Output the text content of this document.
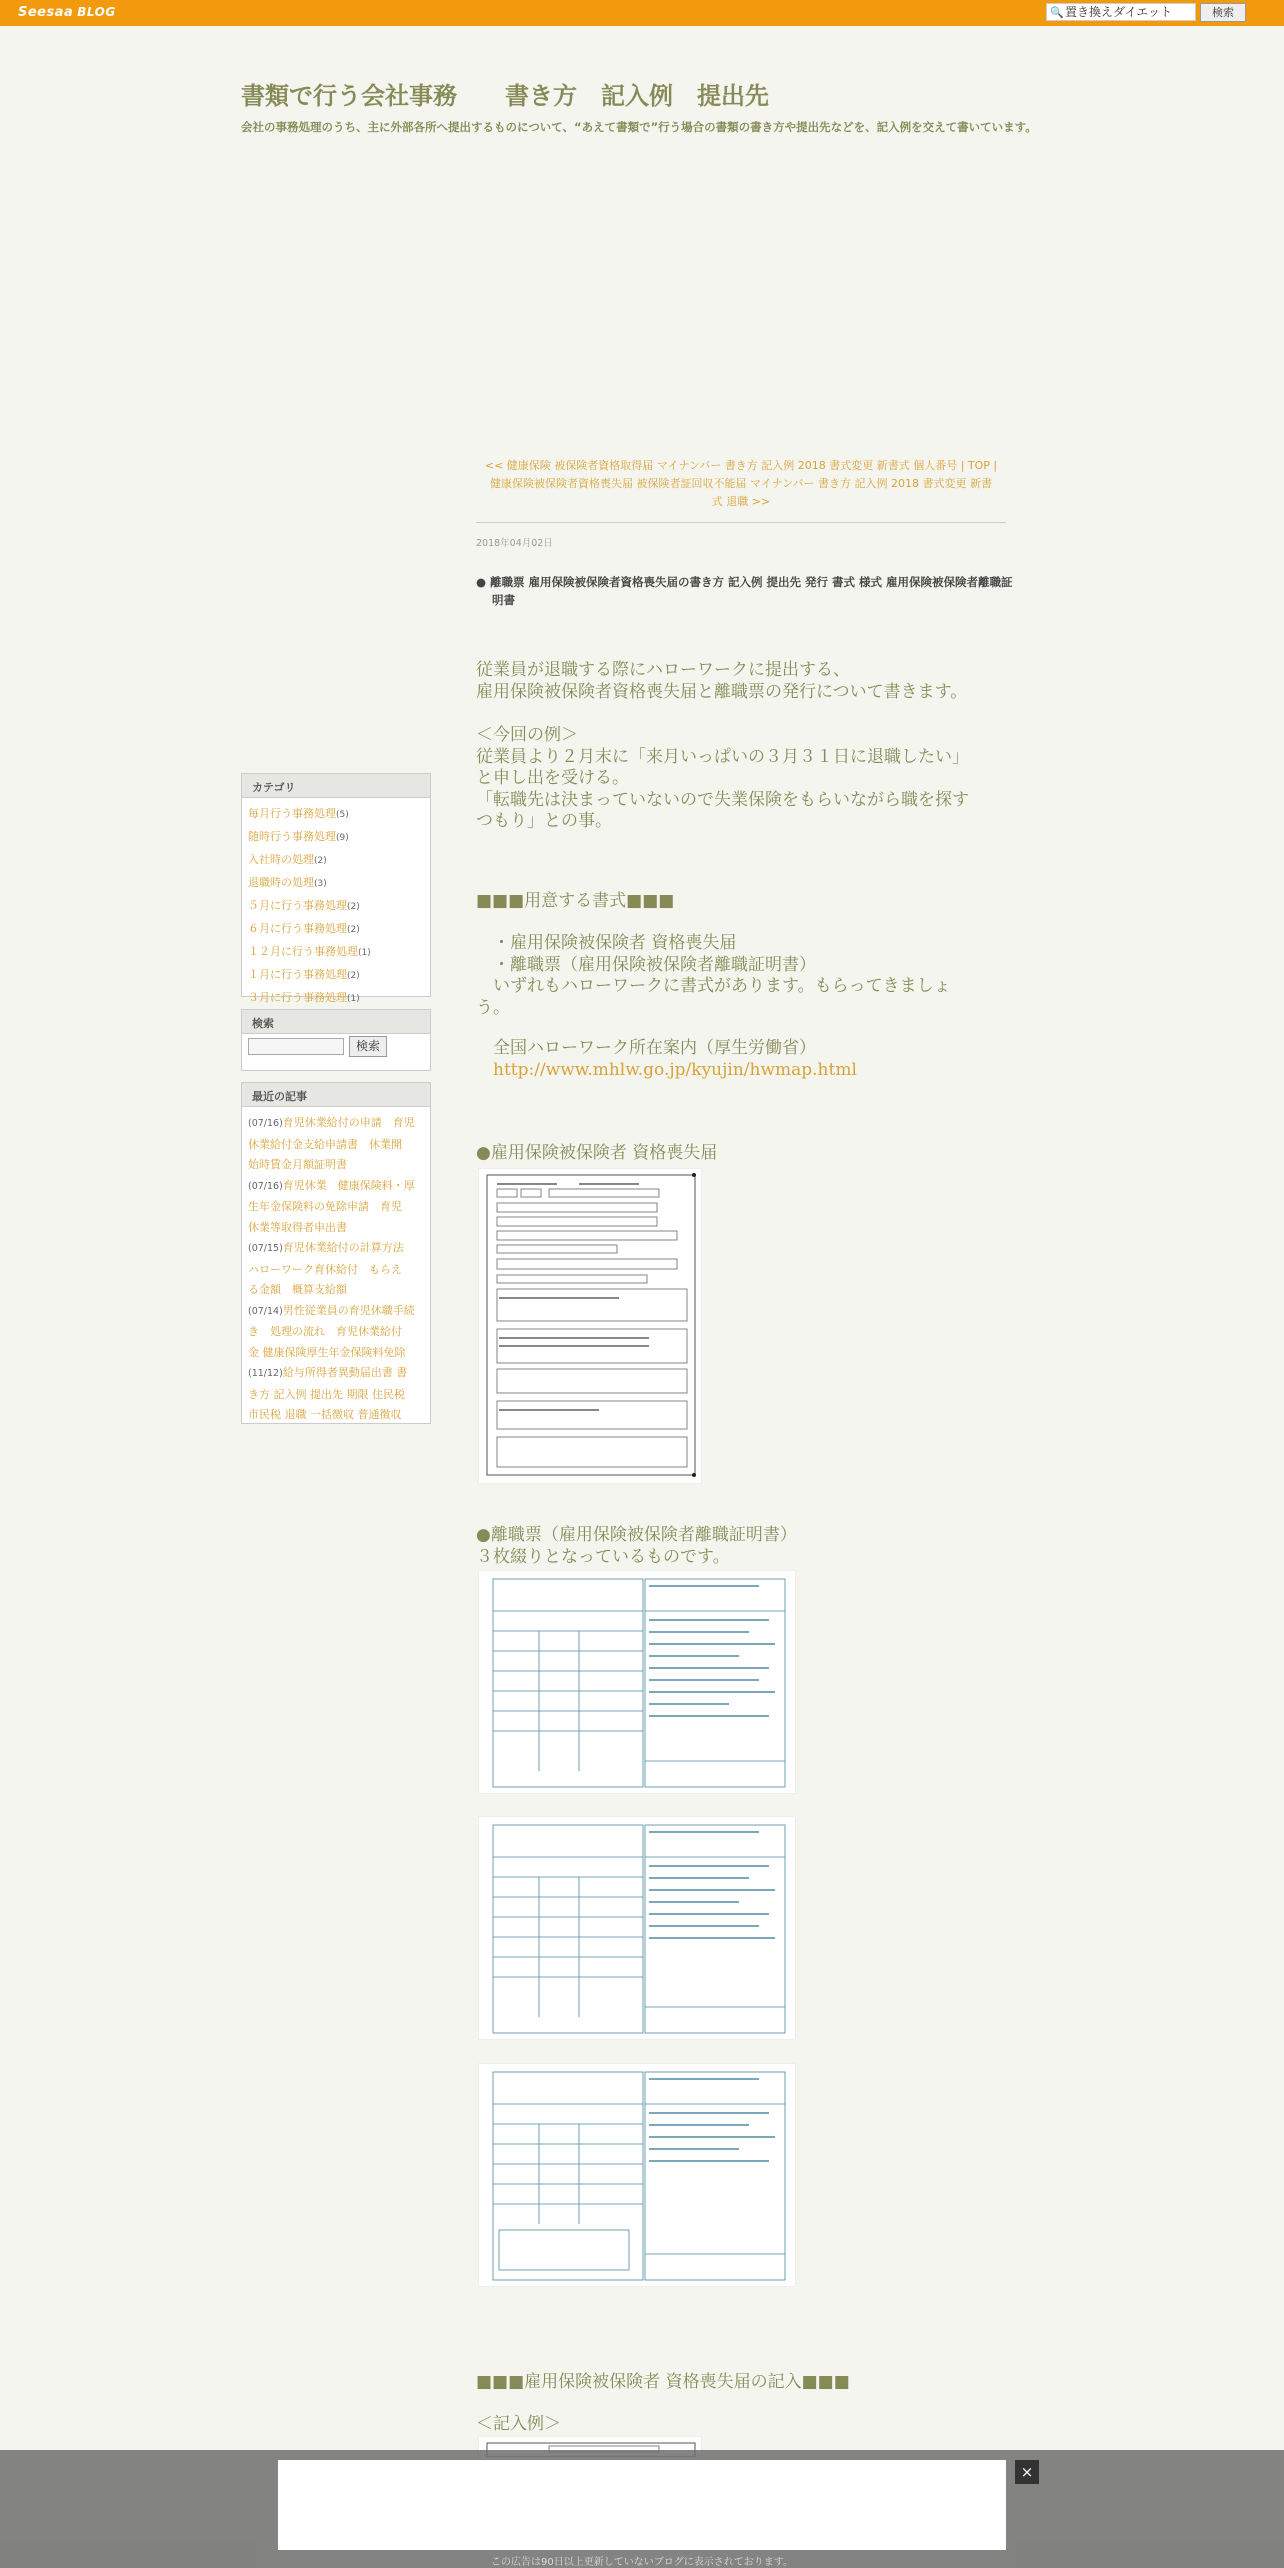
Seesaa BLOG	🔍 置き換えダイエット	検索
書類で行う会社事務　　書き方　記入例　提出先
会社の事務処理のうち、主に外部各所へ提出するものについて、“あえて書類で”行う場合の書類の書き方や提出先などを、記入例を交えて書いています。
カテゴリ
毎月行う事務処理(5)
随時行う事務処理(9)
入社時の処理(2)
退職時の処理(3)
５月に行う事務処理(2)
６月に行う事務処理(2)
１２月に行う事務処理(1)
１月に行う事務処理(2)
３月に行う事務処理(1)
検索
検索
最近の記事
(07/16)育児休業給付の申請　育児
休業給付金支給申請書　休業開
始時賃金月額証明書
(07/16)育児休業　健康保険料・厚
生年金保険料の免除申請　育児
休業等取得者申出書
(07/15)育児休業給付の計算方法
ハローワーク育休給付　もらえ
る金額　概算支給額
(07/14)男性従業員の育児休職手続
き　処理の流れ　育児休業給付
金 健康保険厚生年金保険料免除
(11/12)給与所得者異動届出書 書
き方 記入例 提出先 期限 住民税
市民税 退職 一括徴収 普通徴収
<< 健康保険 被保険者資格取得届 マイナンバー 書き方 記入例 2018 書式変更 新書式 個人番号 | TOP |
健康保険被保険者資格喪失届 被保険者証回収不能届 マイナンバー 書き方 記入例 2018 書式変更 新書
式 退職 >>
2018年04月02日
● 離職票 雇用保険被保険者資格喪失届の書き方 記入例 提出先 発行 書式 様式 雇用保険被保険者離職証明書
従業員が退職する際にハローワークに提出する、
雇用保険被保険者資格喪失届と離職票の発行について書きます。
＜今回の例＞
従業員より２月末に「来月いっぱいの３月３１日に退職したい」
と申し出を受ける。
「転職先は決まっていないので失業保険をもらいながら職を探す
つもり」との事。
■■■用意する書式■■■
　・雇用保険被保険者 資格喪失届
　・離職票（雇用保険被保険者離職証明書）
　いずれもハローワークに書式があります。もらってきましょ
う。
　全国ハローワーク所在案内（厚生労働省）
http://www.mhlw.go.jp/kyujin/hwmap.html
●雇用保険被保険者 資格喪失届
●離職票（雇用保険被保険者離職証明書）
３枚綴りとなっているものです。
■■■雇用保険被保険者 資格喪失届の記入■■■
＜記入例＞
×
この広告は90日以上更新していないブログに表示されております。
